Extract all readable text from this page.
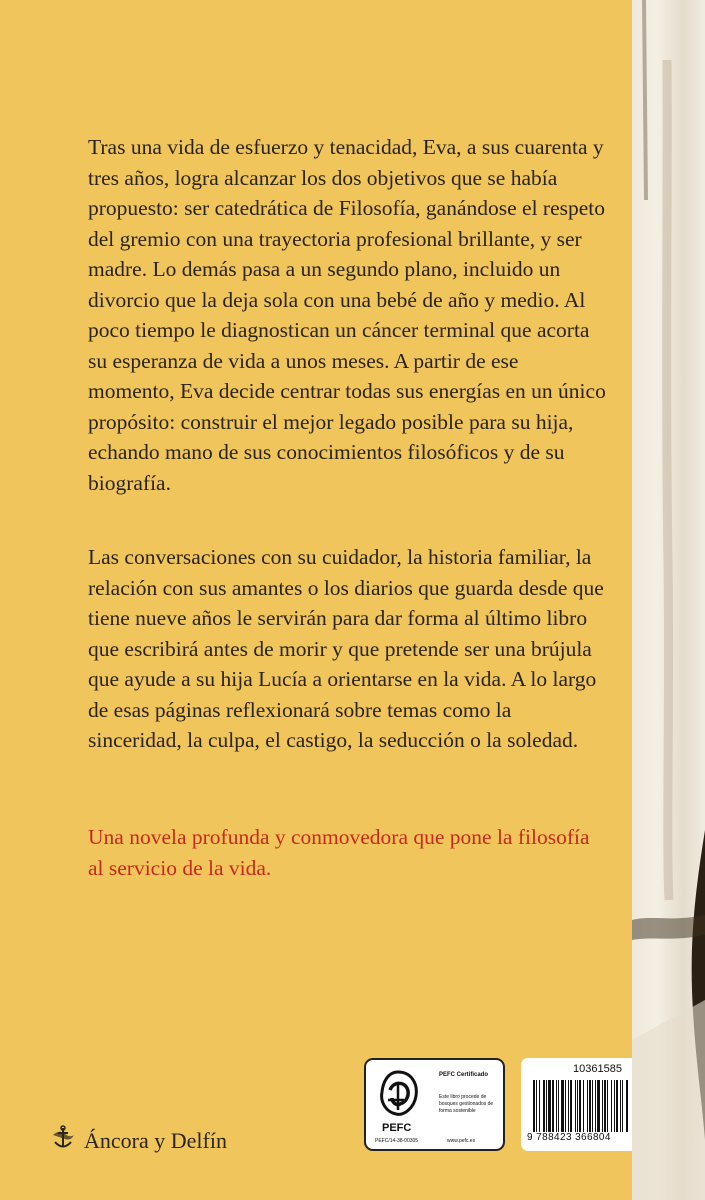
Tras una vida de esfuerzo y tenacidad, Eva, a sus cuarenta y tres años, logra alcanzar los dos objetivos que se había propuesto: ser catedrática de Filosofía, ganándose el respeto del gremio con una trayectoria profesional brillante, y ser madre. Lo demás pasa a un segundo plano, incluido un divorcio que la deja sola con una bebé de año y medio. Al poco tiempo le diagnostican un cáncer terminal que acorta su esperanza de vida a unos meses. A partir de ese momento, Eva decide centrar todas sus energías en un único propósito: construir el mejor legado posible para su hija, echando mano de sus conocimientos filosóficos y de su biografía.

Las conversaciones con su cuidador, la historia familiar, la relación con sus amantes o los diarios que guarda desde que tiene nueve años le servirán para dar forma al último libro que escribirá antes de morir y que pretende ser una brújula que ayude a su hija Lucía a orientarse en la vida. A lo largo de esas páginas reflexionará sobre temas como la sinceridad, la culpa, el castigo, la seducción o la soledad.

Una novela profunda y conmovedora que pone la filosofía al servicio de la vida.

Áncora y Delfín
PEFC Certificado
Este libro procede de bosques gestionados de forma sostenible
PEFC
PEFC/14-38-00305	www.pefc.es
10361585
9 788423 366804
